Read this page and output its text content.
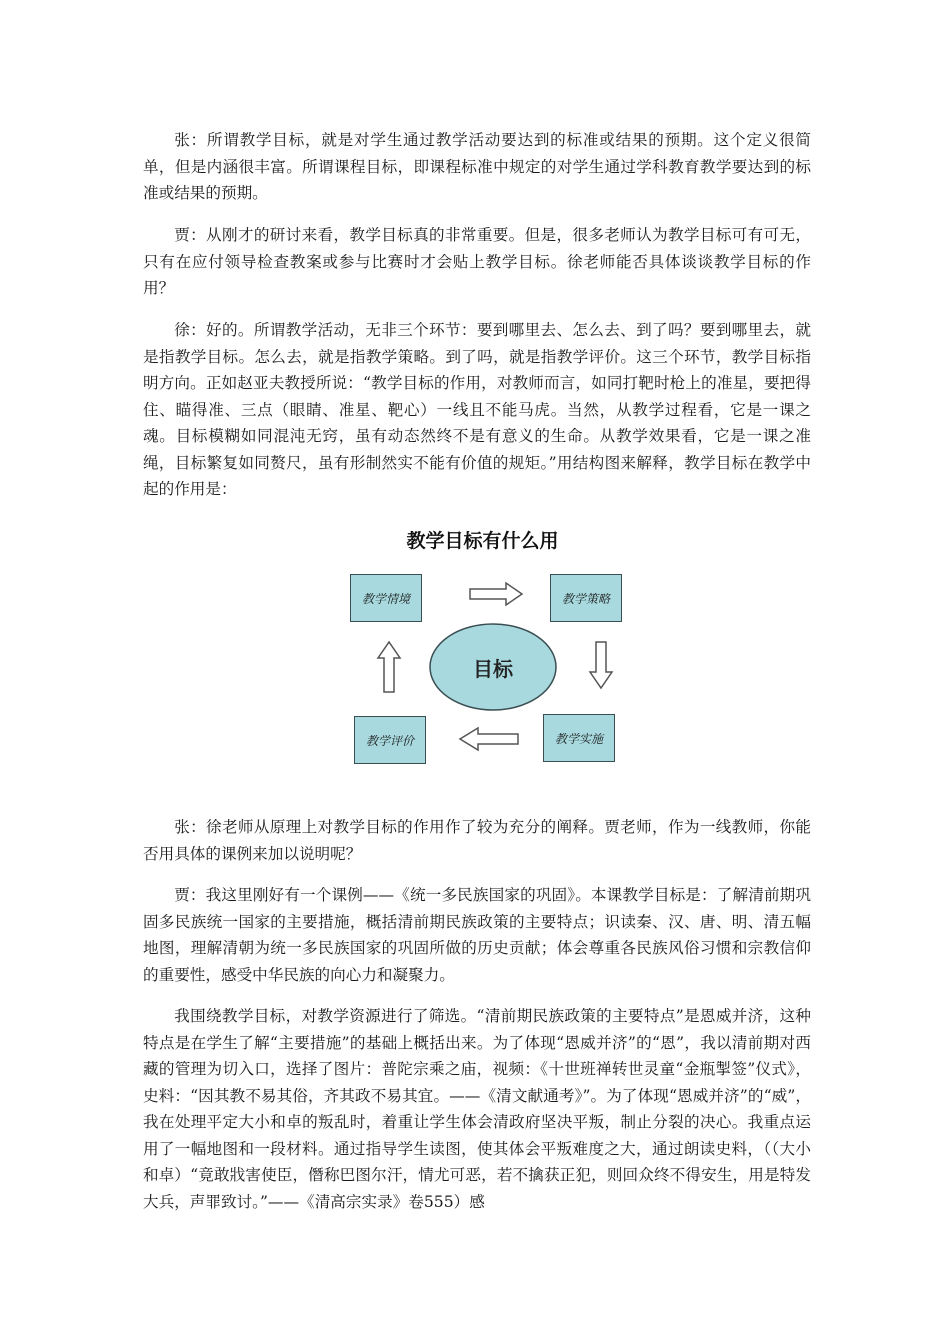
张：所谓教学目标，就是对学生通过教学活动要达到的标准或结果的预期。这个定义很简单，但是内涵很丰富。所谓课程目标，即课程标准中规定的对学生通过学科教育教学要达到的标准或结果的预期。

贾：从刚才的研讨来看，教学目标真的非常重要。但是，很多老师认为教学目标可有可无，只有在应付领导检查教案或参与比赛时才会贴上教学目标。徐老师能否具体谈谈教学目标的作用？

徐：好的。所谓教学活动，无非三个环节：要到哪里去、怎么去、到了吗？要到哪里去，就是指教学目标。怎么去，就是指教学策略。到了吗，就是指教学评价。这三个环节，教学目标指明方向。正如赵亚夫教授所说：“教学目标的作用，对教师而言，如同打靶时枪上的准星，要把得住、瞄得准、三点（眼睛、准星、靶心）一线且不能马虎。当然，从教学过程看，它是一课之魂。目标模糊如同混沌无窍，虽有动态然终不是有意义的生命。从教学效果看，它是一课之准绳，目标繁复如同赘尺，虽有形制然实不能有价值的规矩。”用结构图来解释，教学目标在教学中起的作用是：

教学目标有什么用
教学情境	教学策略
教学实施
教学评价
目标

张：徐老师从原理上对教学目标的作用作了较为充分的阐释。贾老师，作为一线教师，你能否用具体的课例来加以说明呢？

贾：我这里刚好有一个课例——《统一多民族国家的巩固》。本课教学目标是：了解清前期巩固多民族统一国家的主要措施，概括清前期民族政策的主要特点；识读秦、汉、唐、明、清五幅地图，理解清朝为统一多民族国家的巩固所做的历史贡献；体会尊重各民族风俗习惯和宗教信仰的重要性，感受中华民族的向心力和凝聚力。

我围绕教学目标，对教学资源进行了筛选。“清前期民族政策的主要特点”是恩威并济，这种特点是在学生了解“主要措施”的基础上概括出来。为了体现“恩威并济”的“恩”，我以清前期对西藏的管理为切入口，选择了图片：普陀宗乘之庙，视频：《十世班禅转世灵童“金瓶掣签”仪式》，史料：“因其教不易其俗，齐其政不易其宜。——《清文献通考》”。为了体现“恩威并济”的“威”，我在处理平定大小和卓的叛乱时，着重让学生体会清政府坚决平叛，制止分裂的决心。我重点运用了一幅地图和一段材料。通过指导学生读图，使其体会平叛难度之大，通过朗读史料，（（大小和卓）“竟敢戕害使臣，僭称巴图尔汗，情尤可恶，若不擒获正犯，则回众终不得安生，用是特发大兵，声罪致讨。”——《清高宗实录》卷555）感
